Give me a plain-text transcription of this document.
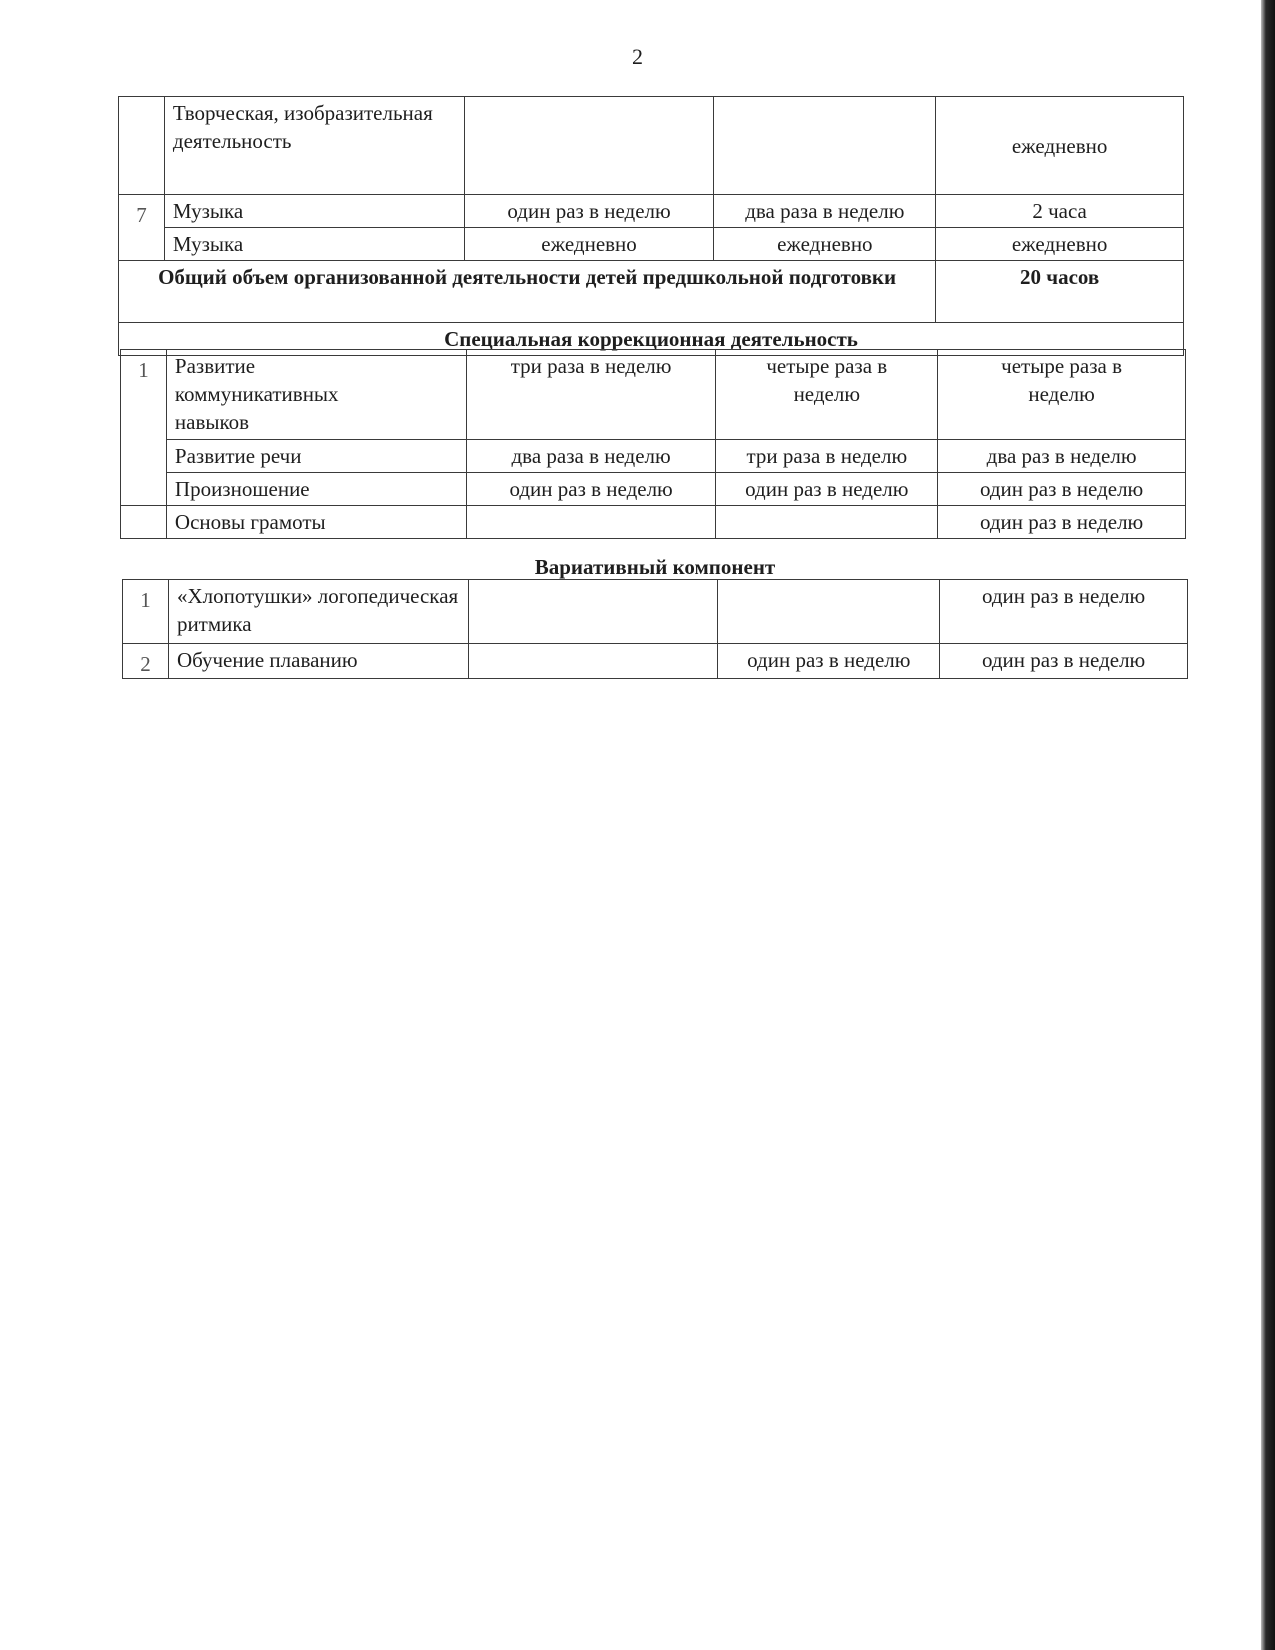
2
	Творческая, изобразительная деятельность			ежедневно
7	Музыка	один раз в неделю	два раза в неделю	2 часа
	Музыка	ежедневно	ежедневно	ежедневно
Общий объем организованной деятельности детей предшкольной подготовки				20 часов
Специальная коррекционная деятельность				
1	Развитие коммуникативных навыков	три раза в неделю	четыре раза в неделю	четыре раза в неделю
	Развитие речи	два раза в неделю	три раза в неделю	два раз в неделю
	Произношение	один раз в неделю	один раз в неделю	один раз в неделю
	Основы грамоты			один раз в неделю
Вариативный компонент
1	«Хлопотушки» логопедическая ритмика			один раз в неделю
2	Обучение плаванию		один раз в неделю	один раз в неделю
